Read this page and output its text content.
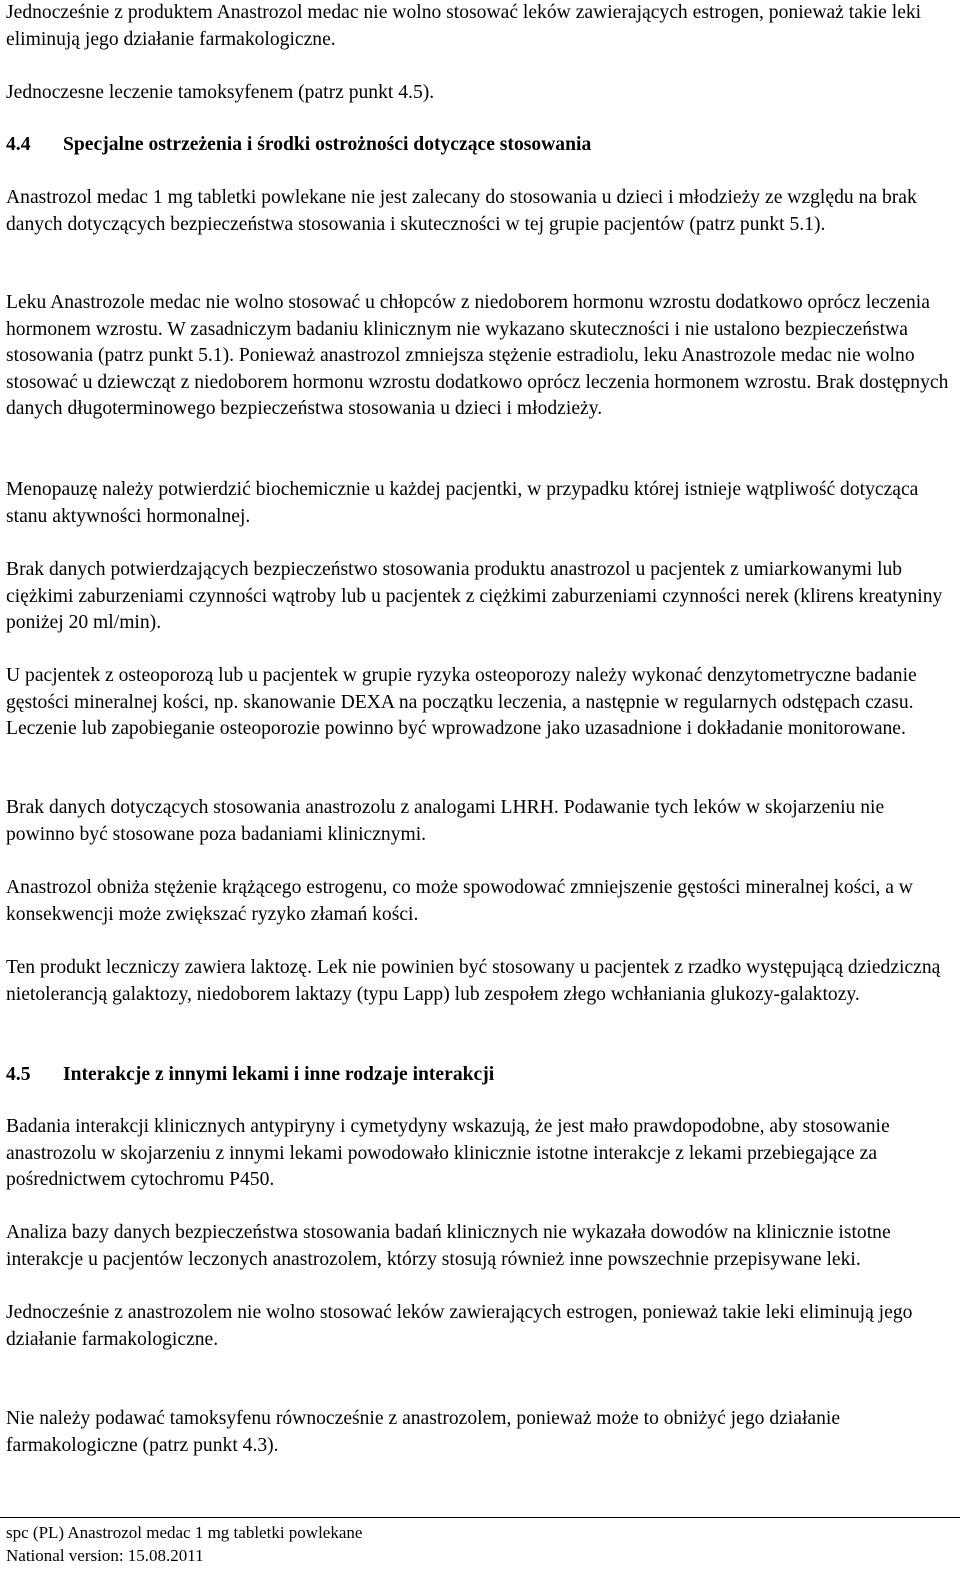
Jednocześnie z produktem Anastrozol medac nie wolno stosować leków zawierających estrogen, ponieważ takie leki eliminują jego działanie farmakologiczne.

Jednoczesne leczenie tamoksyfenem (patrz punkt 4.5).

4.4 Specjalne ostrzeżenia i środki ostrożności dotyczące stosowania

Anastrozol medac 1 mg tabletki powlekane nie jest zalecany do stosowania u dzieci i młodzieży ze względu na brak danych dotyczących bezpieczeństwa stosowania i skuteczności w tej grupie pacjentów (patrz punkt 5.1).

Leku Anastrozole medac nie wolno stosować u chłopców z niedoborem hormonu wzrostu dodatkowo oprócz leczenia hormonem wzrostu. W zasadniczym badaniu klinicznym nie wykazano skuteczności i nie ustalono bezpieczeństwa stosowania (patrz punkt 5.1). Ponieważ anastrozol zmniejsza stężenie estradiolu, leku Anastrozole medac nie wolno stosować u dziewcząt z niedoborem hormonu wzrostu dodatkowo oprócz leczenia hormonem wzrostu. Brak dostępnych danych długoterminowego bezpieczeństwa stosowania u dzieci i młodzieży.

Menopauzę należy potwierdzić biochemicznie u każdej pacjentki, w przypadku której istnieje wątpliwość dotycząca stanu aktywności hormonalnej.

Brak danych potwierdzających bezpieczeństwo stosowania produktu anastrozol u pacjentek z umiarkowanymi lub ciężkimi zaburzeniami czynności wątroby lub u pacjentek z ciężkimi zaburzeniami czynności nerek (klirens kreatyniny poniżej 20 ml/min).

U pacjentek z osteoporozą lub u pacjentek w grupie ryzyka osteoporozy należy wykonać denzytometryczne badanie gęstości mineralnej kości, np. skanowanie DEXA na początku leczenia, a następnie w regularnych odstępach czasu. Leczenie lub zapobieganie osteoporozie powinno być wprowadzone jako uzasadnione i dokładanie monitorowane.

Brak danych dotyczących stosowania anastrozolu z analogami LHRH. Podawanie tych leków w skojarzeniu nie powinno być stosowane poza badaniami klinicznymi.

Anastrozol obniża stężenie krążącego estrogenu, co może spowodować zmniejszenie gęstości mineralnej kości, a w konsekwencji może zwiększać ryzyko złamań kości.

Ten produkt leczniczy zawiera laktozę. Lek nie powinien być stosowany u pacjentek z rzadko występującą dziedziczną nietolerancją galaktozy, niedoborem laktazy (typu Lapp) lub zespołem złego wchłaniania glukozy-galaktozy.

4.5 Interakcje z innymi lekami i inne rodzaje interakcji

Badania interakcji klinicznych antypiryny i cymetydyny wskazują, że jest mało prawdopodobne, aby stosowanie anastrozolu w skojarzeniu z innymi lekami powodowało klinicznie istotne interakcje z lekami przebiegające za pośrednictwem cytochromu P450.

Analiza bazy danych bezpieczeństwa stosowania badań klinicznych nie wykazała dowodów na klinicznie istotne interakcje u pacjentów leczonych anastrozolem, którzy stosują również inne powszechnie przepisywane leki.

Jednocześnie z anastrozolem nie wolno stosować leków zawierających estrogen, ponieważ takie leki eliminują jego działanie farmakologiczne.

Nie należy podawać tamoksyfenu równocześnie z anastrozolem, ponieważ może to obniżyć jego działanie farmakologiczne (patrz punkt 4.3).

spc (PL) Anastrozol medac 1 mg tabletki powlekane

National version: 15.08.2011
